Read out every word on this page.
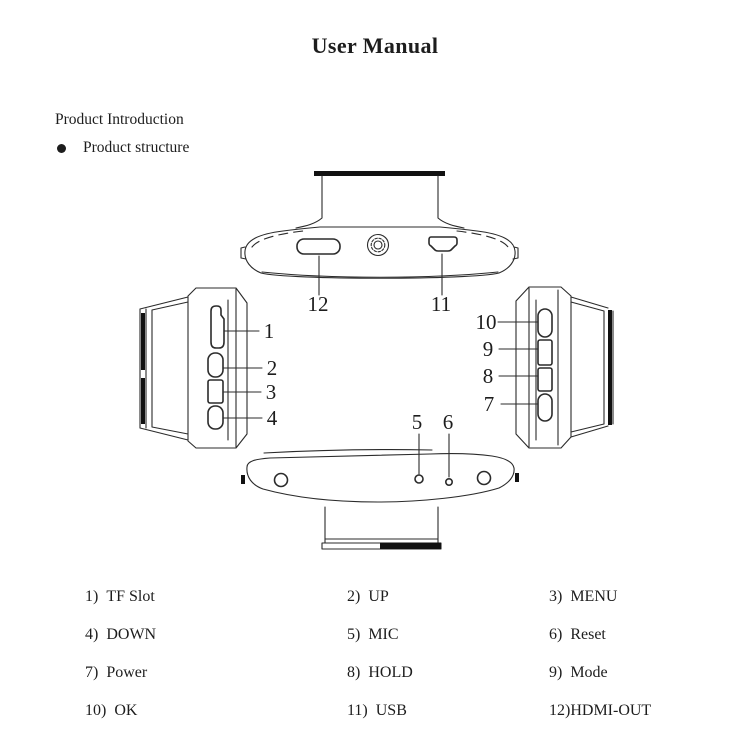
User Manual
Product Introduction
Product structure
12	11
1
2
3
4
10
9
8
7
5 6
1) TF Slot	2) UP	3) MENU
4) DOWN	5) MIC	6) Reset
7) Power	8) HOLD	9) Mode
10) OK	11) USB	12) HDMI-OUT
